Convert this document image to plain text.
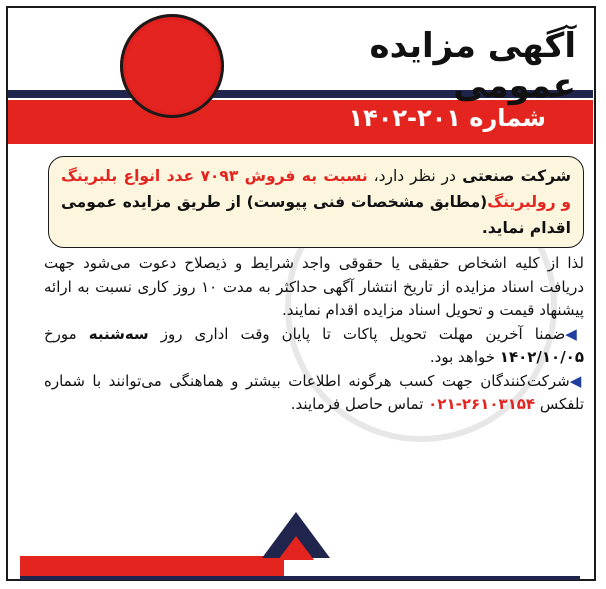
آگهی مزایده عمومی
شماره ۲۰۱-۱۴۰۲
شرکت صنعتی در نظر دارد، نسبت به فروش ۷۰۹۳ عدد انواع بلبرینگ و رولبرینگ(مطابق مشخصات فنی پیوست) از طریق مزایده عمومی اقدام نماید.

لذا از کلیه اشخاص حقیقی یا حقوقی واجد شرایط و ذیصلاح دعوت می‌شود جهت دریافت اسناد مزایده از تاریخ انتشار آگهی حداکثر به مدت ۱۰ روز کاری نسبت به ارائه پیشنهاد قیمت و تحویل اسناد مزایده اقدام نمایند.

◀ضمنا آخرین مهلت تحویل پاکات تا پایان وقت اداری روز سه‌شنبه مورخ ۱۴۰۲/۱۰/۰۵ خواهد بود.

◀شرکت‌کنندگان جهت کسب هرگونه اطلاعات بیشتر و هماهنگی می‌توانند با شماره تلفکس ۰۲۱-۲۶۱۰۳۱۵۴ تماس حاصل فرمایند.
